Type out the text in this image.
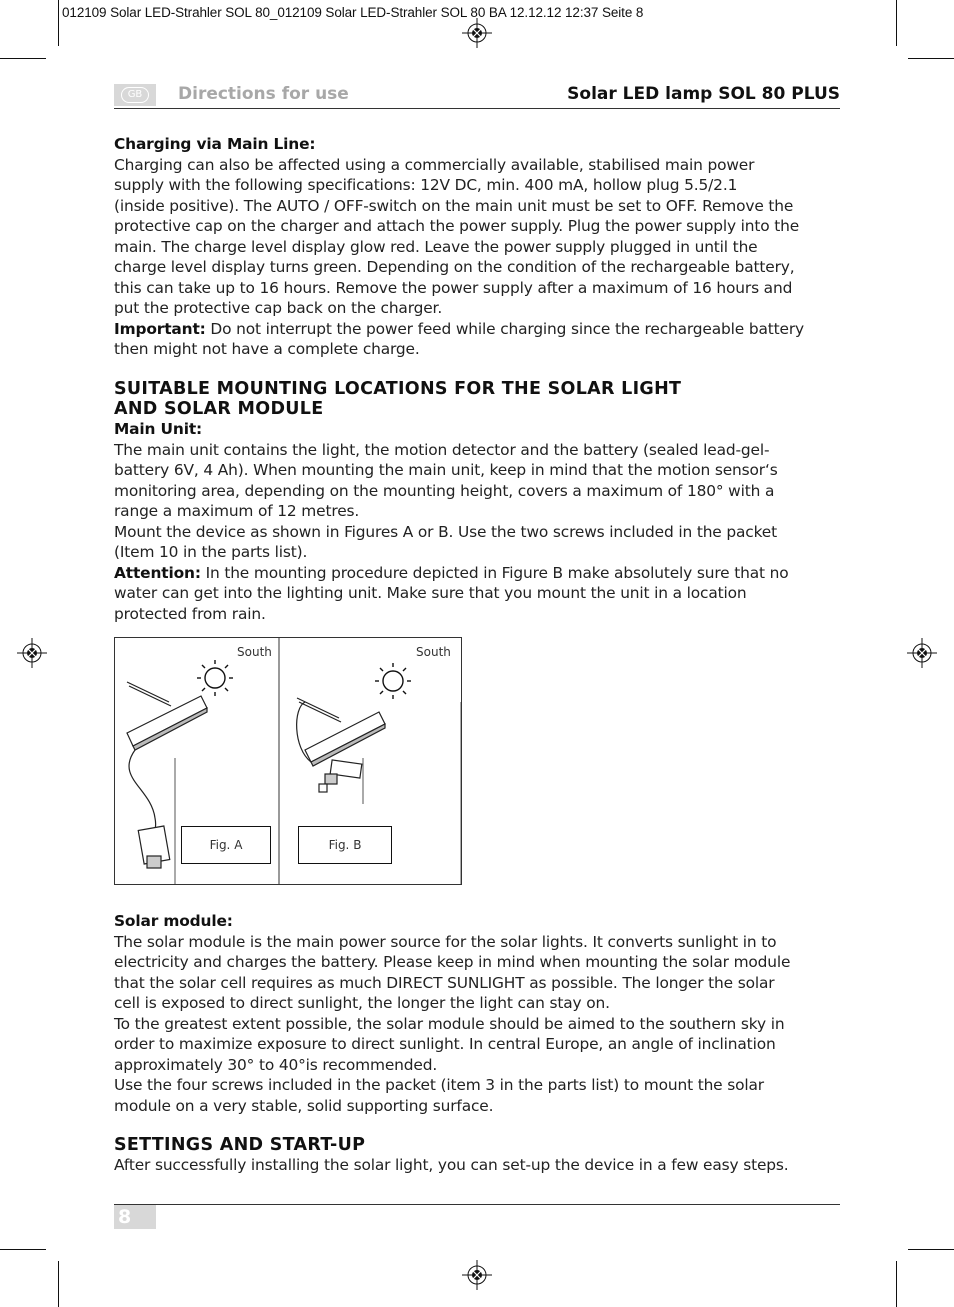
012109 Solar LED-Strahler SOL 80_012109 Solar LED-Strahler SOL 80 BA 12.12.12 12:37 Seite 8
GB	Directions for use	Solar LED lamp SOL 80 PLUS

Charging via Main Line:

Charging can also be affected using a commercially available, stabilised main power

supply with the following specifications: 12V DC, min. 400 mA, hollow plug 5.5/2.1

(inside positive). The AUTO / OFF-switch on the main unit must be set to OFF. Remove the

protective cap on the charger and attach the power supply. Plug the power supply into the

main. The charge level display glow red. Leave the power supply plugged in until the

charge level display turns green. Depending on the condition of the rechargeable battery,

this can take up to 16 hours. Remove the power supply after a maximum of 16 hours and

put the protective cap back on the charger.

Important: Do not interrupt the power feed while charging since the rechargeable battery

then might not have a complete charge.

SUITABLE MOUNTING LOCATIONS FOR THE SOLAR LIGHT

AND SOLAR MODULE

Main Unit:

The main unit contains the light, the motion detector and the battery (sealed lead-gel-

battery 6V, 4 Ah). When mounting the main unit, keep in mind that the motion sensor‘s

monitoring area, depending on the mounting height, covers a maximum of 180° with a

range a maximum of 12 metres.

Mount the device as shown in Figures A or B. Use the two screws included in the packet

(Item 10 in the parts list).

Attention: In the mounting procedure depicted in Figure B make absolutely sure that no

water can get into the lighting unit. Make sure that you mount the unit in a location

protected from rain.

South	South
Fig. A	Fig. B

Solar module:

The solar module is the main power source for the solar lights. It converts sunlight in to

electricity and charges the battery. Please keep in mind when mounting the solar module

that the solar cell requires as much DIRECT SUNLIGHT as possible. The longer the solar

cell is exposed to direct sunlight, the longer the light can stay on.

To the greatest extent possible, the solar module should be aimed to the southern sky in

order to maximize exposure to direct sunlight. In central Europe, an angle of inclination

approximately 30° to 40°is recommended.

Use the four screws included in the packet (item 3 in the parts list) to mount the solar

module on a very stable, solid supporting surface.

SETTINGS AND START-UP

After successfully installing the solar light, you can set-up the device in a few easy steps.

8
